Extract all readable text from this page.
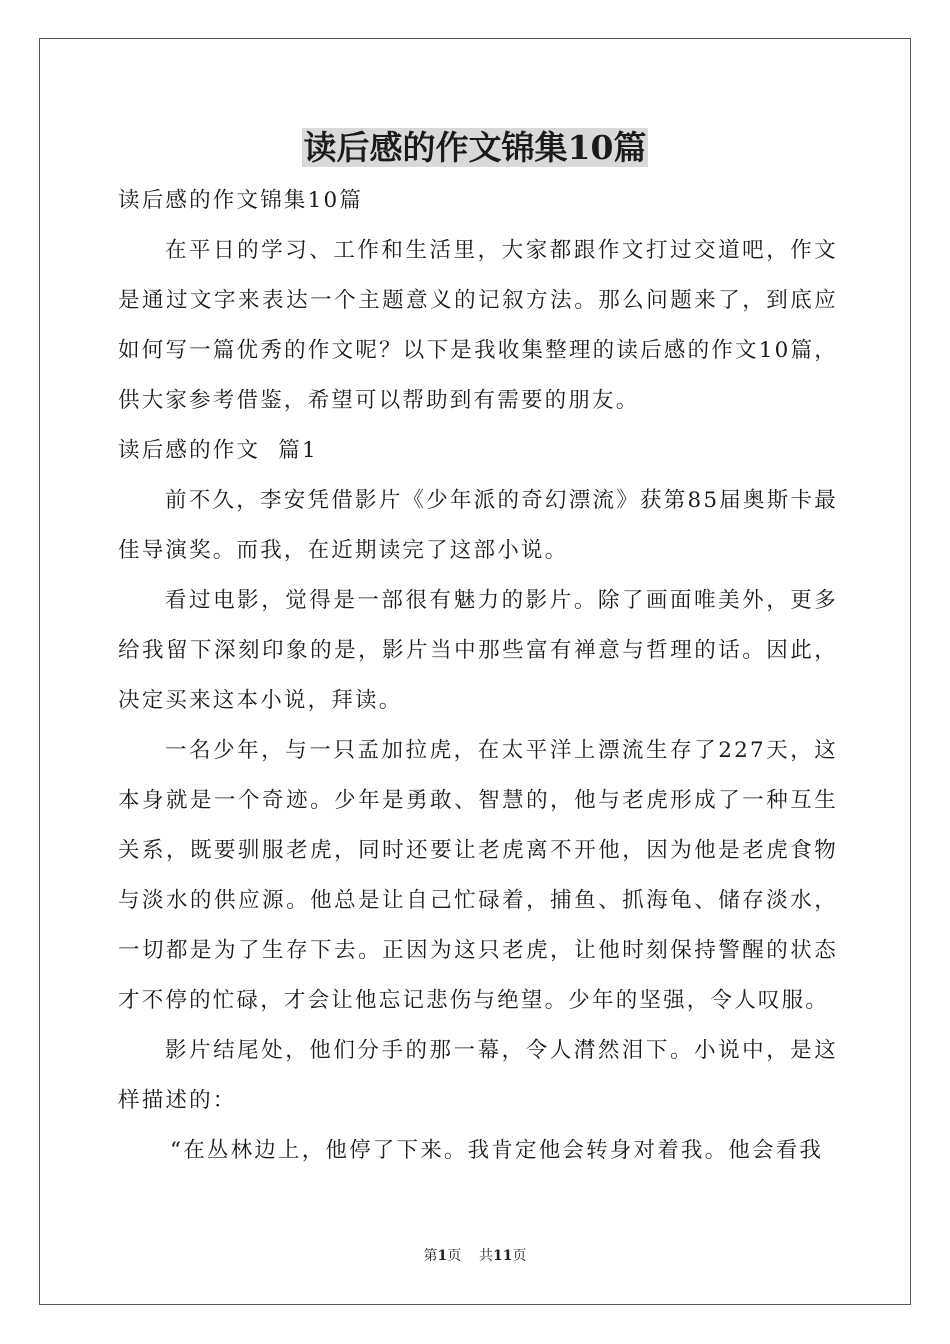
读后感的作文锦集10篇

读后感的作文锦集10篇

在平日的学习、工作和生活里，大家都跟作文打过交道吧，作文是通过文字来表达一个主题意义的记叙方法。那么问题来了，到底应如何写一篇优秀的作文呢？以下是我收集整理的读后感的作文10篇，供大家参考借鉴，希望可以帮助到有需要的朋友。

读后感的作文  篇1

前不久，李安凭借影片《少年派的奇幻漂流》获第85届奥斯卡最佳导演奖。而我，在近期读完了这部小说。

看过电影，觉得是一部很有魅力的影片。除了画面唯美外，更多给我留下深刻印象的是，影片当中那些富有禅意与哲理的话。因此，决定买来这本小说，拜读。

一名少年，与一只孟加拉虎，在太平洋上漂流生存了227天，这本身就是一个奇迹。少年是勇敢、智慧的，他与老虎形成了一种互生关系，既要驯服老虎，同时还要让老虎离不开他，因为他是老虎食物与淡水的供应源。他总是让自己忙碌着，捕鱼、抓海龟、储存淡水，一切都是为了生存下去。正因为这只老虎，让他时刻保持警醒的状态才不停的忙碌，才会让他忘记悲伤与绝望。少年的坚强，令人叹服。

影片结尾处，他们分手的那一幕，令人潸然泪下。小说中，是这样描述的：

“在丛林边上，他停了下来。我肯定他会转身对着我。他会看我

第1页    共11页
